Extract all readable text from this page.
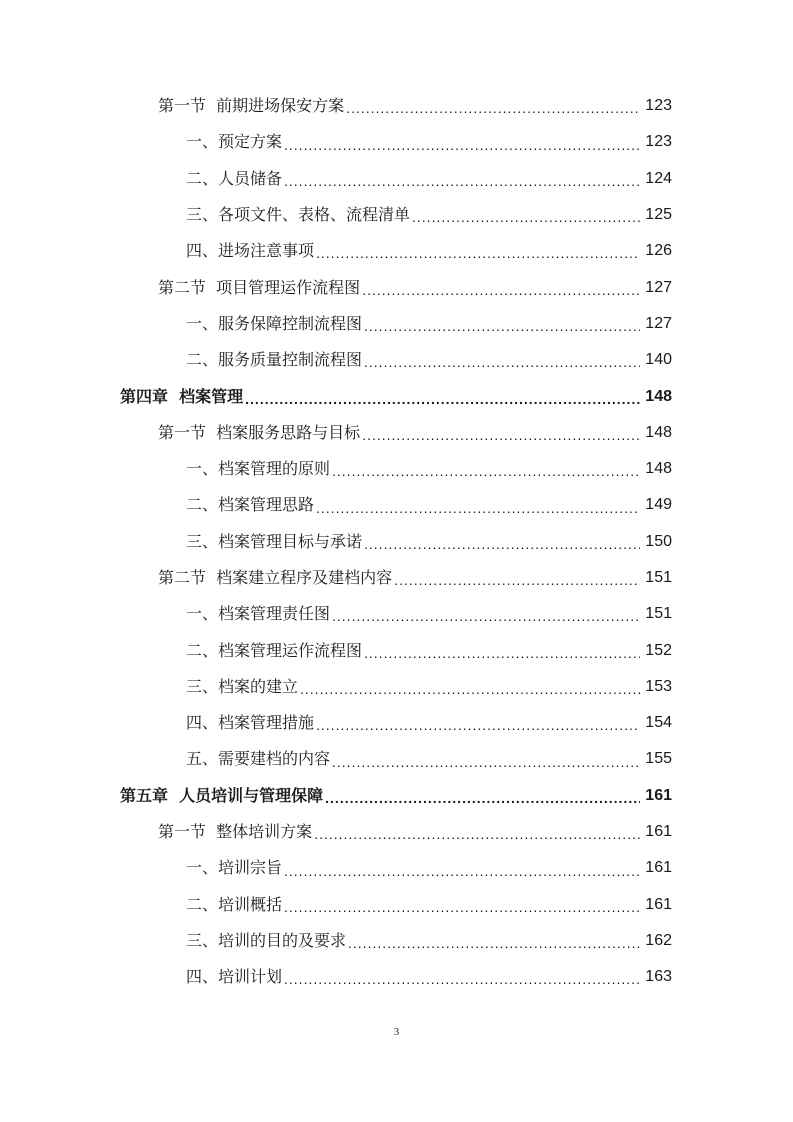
第一节  前期进场保安方案 .....	123
一、预定方案 .....	123
二、人员储备 .....	124
三、各项文件、表格、流程清单 .....	125
四、进场注意事项 .....	126
第二节  项目管理运作流程图 .....	127
一、服务保障控制流程图 .....	127
二、服务质量控制流程图 .....	140
第四章  档案管理 .....	148
第一节  档案服务思路与目标 .....	148
一、档案管理的原则 .....	148
二、档案管理思路 .....	149
三、档案管理目标与承诺 .....	150
第二节  档案建立程序及建档内容 .....	151
一、档案管理责任图 .....	151
二、档案管理运作流程图 .....	152
三、档案的建立 .....	153
四、档案管理措施 .....	154
五、需要建档的内容 .....	155
第五章  人员培训与管理保障 .....	161
第一节  整体培训方案 .....	161
一、培训宗旨 .....	161
二、培训概括 .....	161
三、培训的目的及要求 .....	162
四、培训计划 .....	163
3
